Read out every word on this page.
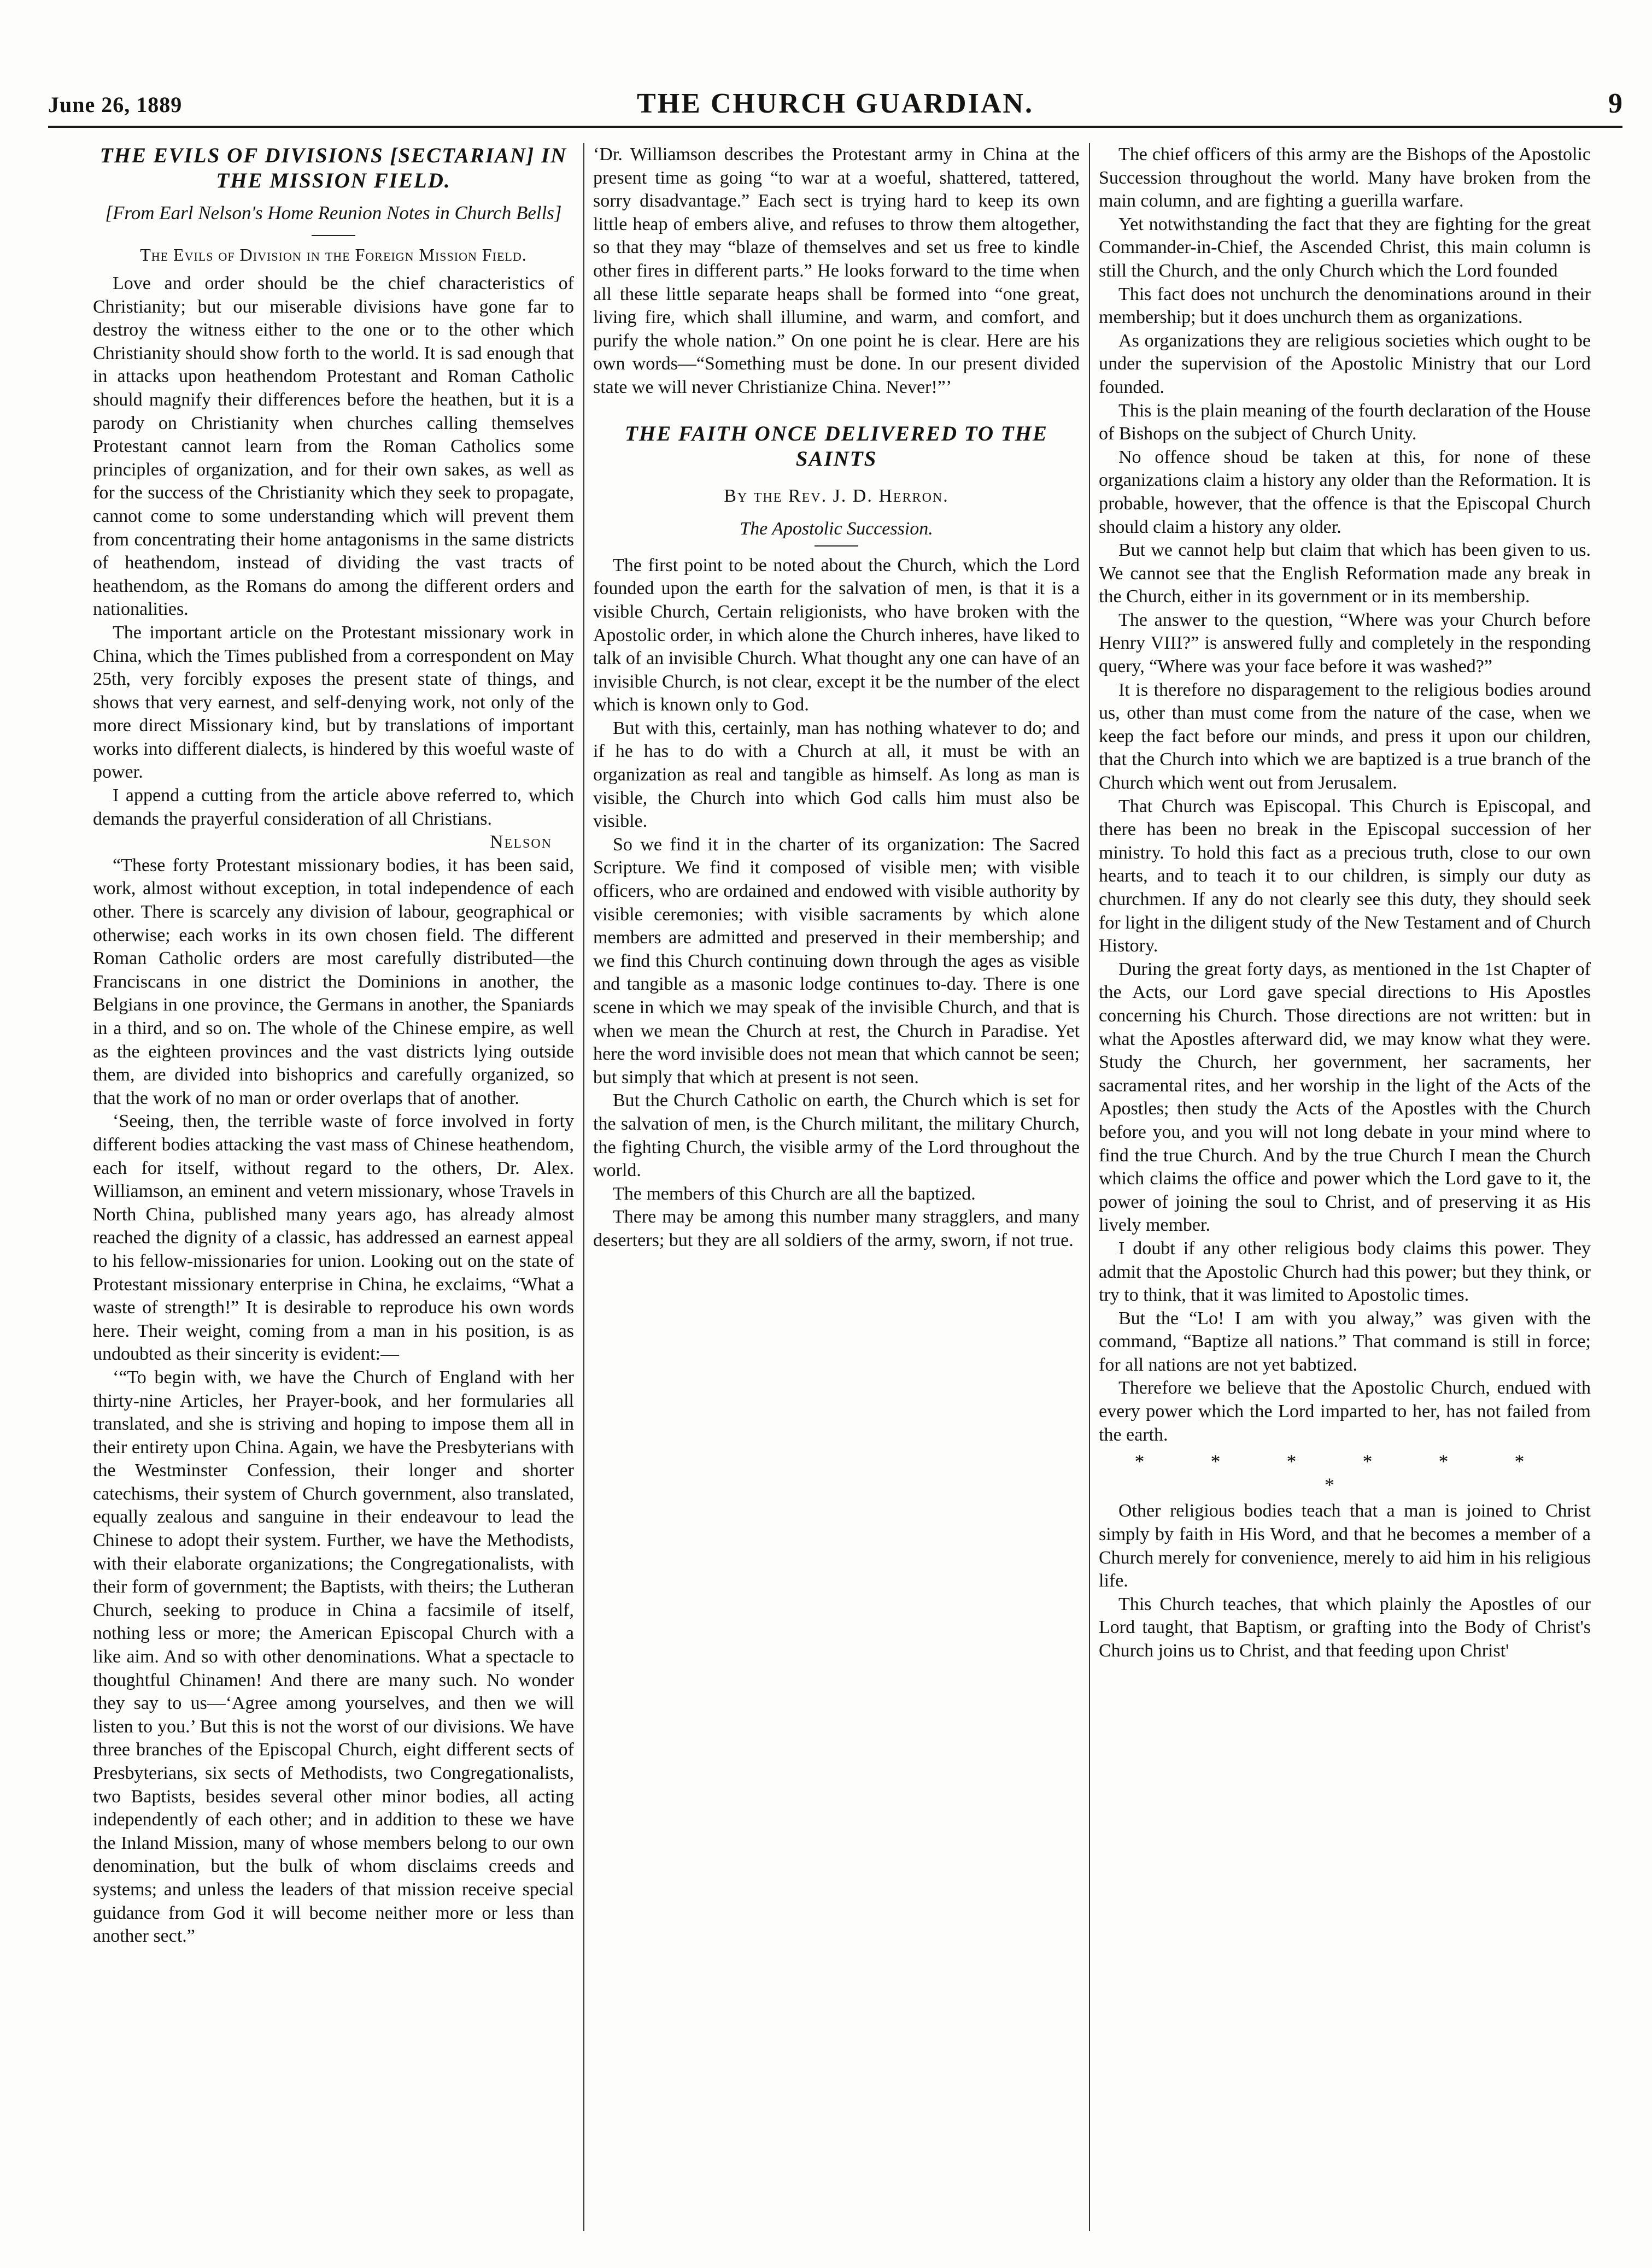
June 26, 1889	THE CHURCH GUARDIAN.	9
THE EVILS OF DIVISIONS [SECTARIAN] IN THE MISSION FIELD.
[From Earl Nelson's Home Reunion Notes in Church Bells]
The Evils of Division in the Foreign Mission Field.

Love and order should be the chief characteristics of Christianity; but our miserable divisions have gone far to destroy the witness either to the one or to the other which Christianity should show forth to the world. It is sad enough that in attacks upon heathendom Protestant and Roman Catholic should magnify their differences before the heathen, but it is a parody on Christianity when churches calling themselves Protestant cannot learn from the Roman Catholics some principles of organization, and for their own sakes, as well as for the success of the Christianity which they seek to propagate, cannot come to some understanding which will prevent them from concentrating their home antagonisms in the same districts of heathendom, instead of dividing the vast tracts of heathendom, as the Romans do among the different orders and nationalities.

The important article on the Protestant missionary work in China, which the Times published from a correspondent on May 25th, very forcibly exposes the present state of things, and shows that very earnest, and self-denying work, not only of the more direct Missionary kind, but by translations of important works into different dialects, is hindered by this woeful waste of power.

I append a cutting from the article above referred to, which demands the prayerful consideration of all Christians.

Nelson

“These forty Protestant missionary bodies, it has been said, work, almost without exception, in total independence of each other. There is scarcely any division of labour, geographical or otherwise; each works in its own chosen field. The different Roman Catholic orders are most carefully distributed—the Franciscans in one district the Dominions in another, the Belgians in one province, the Germans in another, the Spaniards in a third, and so on. The whole of the Chinese empire, as well as the eighteen provinces and the vast districts lying outside them, are divided into bishoprics and carefully organized, so that the work of no man or order overlaps that of another.

‘Seeing, then, the terrible waste of force involved in forty different bodies attacking the vast mass of Chinese heathendom, each for itself, without regard to the others, Dr. Alex. Williamson, an eminent and vetern missionary, whose Travels in North China, published many years ago, has already almost reached the dignity of a classic, has addressed an earnest appeal to his fellow-missionaries for union. Looking out on the state of Protestant missionary enterprise in China, he exclaims, “What a waste of strength!” It is desirable to reproduce his own words here. Their weight, coming from a man in his position, is as undoubted as their sincerity is evident:—

‘“To begin with, we have the Church of England with her thirty-nine Articles, her Prayer-book, and her formularies all translated, and she is striving and hoping to impose them all in their entirety upon China. Again, we have the Presbyterians with the Westminster Confession, their longer and shorter catechisms, their system of Church government, also translated, equally zealous and sanguine in their endeavour to lead the Chinese to adopt their system. Further, we have the Methodists, with their elaborate organizations; the Congregationalists, with their form of government; the Baptists, with theirs; the Lutheran Church, seeking to produce in China a facsimile of itself, nothing less or more; the American Episcopal Church with a like aim. And so with other denominations. What a spectacle to thoughtful Chinamen! And there are many such. No wonder they say to us—‘Agree among yourselves, and then we will listen to you.’ But this is not the worst of our divisions. We have three branches of the Episcopal Church, eight different sects of Presbyterians, six sects of Methodists, two Congregationalists, two Baptists, besides several other minor bodies, all acting independently of each other; and in addition to these we have the Inland Mission, many of whose members belong to our own denomination, but the bulk of whom disclaims creeds and systems; and unless the leaders of that mission receive special guidance from God it will become neither more or less than another sect.”

‘Dr. Williamson describes the Protestant army in China at the present time as going “to war at a woeful, shattered, tattered, sorry disadvantage.” Each sect is trying hard to keep its own little heap of embers alive, and refuses to throw them altogether, so that they may “blaze of themselves and set us free to kindle other fires in different parts.” He looks forward to the time when all these little separate heaps shall be formed into “one great, living fire, which shall illumine, and warm, and comfort, and purify the whole nation.” On one point he is clear. Here are his own words—“Something must be done. In our present divided state we will never Christianize China. Never!”’

THE FAITH ONCE DELIVERED TO THE SAINTS
By the Rev. J. D. Herron.
The Apostolic Succession.

The first point to be noted about the Church, which the Lord founded upon the earth for the salvation of men, is that it is a visible Church, Certain religionists, who have broken with the Apostolic order, in which alone the Church inheres, have liked to talk of an invisible Church. What thought any one can have of an invisible Church, is not clear, except it be the number of the elect which is known only to God.

But with this, certainly, man has nothing whatever to do; and if he has to do with a Church at all, it must be with an organization as real and tangible as himself. As long as man is visible, the Church into which God calls him must also be visible.

So we find it in the charter of its organization: The Sacred Scripture. We find it composed of visible men; with visible officers, who are ordained and endowed with visible authority by visible ceremonies; with visible sacraments by which alone members are admitted and preserved in their membership; and we find this Church continuing down through the ages as visible and tangible as a masonic lodge continues to-day. There is one scene in which we may speak of the invisible Church, and that is when we mean the Church at rest, the Church in Paradise. Yet here the word invisible does not mean that which cannot be seen; but simply that which at present is not seen.

But the Church Catholic on earth, the Church which is set for the salvation of men, is the Church militant, the military Church, the fighting Church, the visible army of the Lord throughout the world.

The members of this Church are all the baptized.

There may be among this number many stragglers, and many deserters; but they are all soldiers of the army, sworn, if not true.

The chief officers of this army are the Bishops of the Apostolic Succession throughout the world. Many have broken from the main column, and are fighting a guerilla warfare.

Yet notwithstanding the fact that they are fighting for the great Commander-in-Chief, the Ascended Christ, this main column is still the Church, and the only Church which the Lord founded

This fact does not unchurch the denominations around in their membership; but it does unchurch them as organizations.

As organizations they are religious societies which ought to be under the supervision of the Apostolic Ministry that our Lord founded.

This is the plain meaning of the fourth declaration of the House of Bishops on the subject of Church Unity.

No offence shoud be taken at this, for none of these organizations claim a history any older than the Reformation. It is probable, however, that the offence is that the Episcopal Church should claim a history any older.

But we cannot help but claim that which has been given to us. We cannot see that the English Reformation made any break in the Church, either in its government or in its membership.

The answer to the question, “Where was your Church before Henry VIII?” is answered fully and completely in the responding query, “Where was your face before it was washed?”

It is therefore no disparagement to the religious bodies around us, other than must come from the nature of the case, when we keep the fact before our minds, and press it upon our children, that the Church into which we are baptized is a true branch of the Church which went out from Jerusalem.

That Church was Episcopal. This Church is Episcopal, and there has been no break in the Episcopal succession of her ministry. To hold this fact as a precious truth, close to our own hearts, and to teach it to our children, is simply our duty as churchmen. If any do not clearly see this duty, they should seek for light in the diligent study of the New Testament and of Church History.

During the great forty days, as mentioned in the 1st Chapter of the Acts, our Lord gave special directions to His Apostles concerning his Church. Those directions are not written: but in what the Apostles afterward did, we may know what they were. Study the Church, her government, her sacraments, her sacramental rites, and her worship in the light of the Acts of the Apostles; then study the Acts of the Apostles with the Church before you, and you will not long debate in your mind where to find the true Church. And by the true Church I mean the Church which claims the office and power which the Lord gave to it, the power of joining the soul to Christ, and of preserving it as His lively member.

I doubt if any other religious body claims this power. They admit that the Apostolic Church had this power; but they think, or try to think, that it was limited to Apostolic times.

But the “Lo! I am with you alway,” was given with the command, “Baptize all nations.” That command is still in force; for all nations are not yet babtized.

Therefore we believe that the Apostolic Church, endued with every power which the Lord imparted to her, has not failed from the earth.

* * * * * * *

Other religious bodies teach that a man is joined to Christ simply by faith in His Word, and that he becomes a member of a Church merely for convenience, merely to aid him in his religious life.

This Church teaches, that which plainly the Apostles of our Lord taught, that Baptism, or grafting into the Body of Christ's Church joins us to Christ, and that feeding upon Christ'
